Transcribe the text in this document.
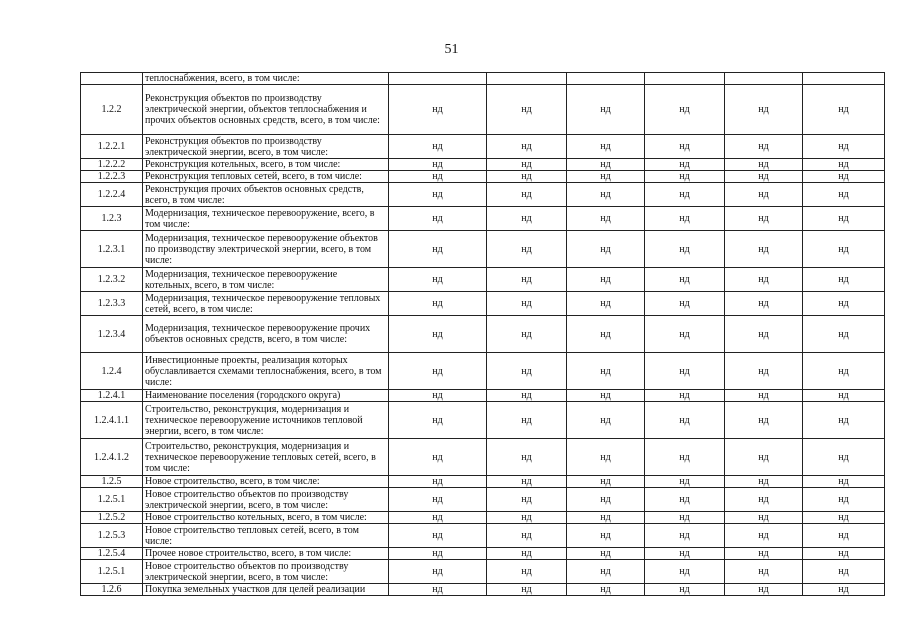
51
	теплоснабжения, всего, в том числе:						
1.2.2	Реконструкция объектов по производству электрической энергии, объектов теплоснабжения и прочих объектов основных средств, всего, в том числе:	нд	нд	нд	нд	нд	нд
1.2.2.1	Реконструкция объектов по производству электрической энергии, всего, в том числе:	нд	нд	нд	нд	нд	нд
1.2.2.2	Реконструкция котельных, всего, в том числе:	нд	нд	нд	нд	нд	нд
1.2.2.3	Реконструкция тепловых сетей, всего, в том числе:	нд	нд	нд	нд	нд	нд
1.2.2.4	Реконструкция прочих объектов основных средств, всего, в том числе:	нд	нд	нд	нд	нд	нд
1.2.3	Модернизация, техническое перевооружение, всего, в том числе:	нд	нд	нд	нд	нд	нд
1.2.3.1	Модернизация, техническое перевооружение объектов по производству электрической энергии, всего, в том числе:	нд	нд	нд	нд	нд	нд
1.2.3.2	Модернизация, техническое перевооружение котельных, всего, в том числе:	нд	нд	нд	нд	нд	нд
1.2.3.3	Модернизация, техническое перевооружение тепловых сетей, всего, в том числе:	нд	нд	нд	нд	нд	нд
1.2.3.4	Модернизация, техническое перевооружение прочих объектов основных средств, всего, в том числе:	нд	нд	нд	нд	нд	нд
1.2.4	Инвестиционные проекты, реализация которых обуславливается схемами теплоснабжения, всего, в том числе:	нд	нд	нд	нд	нд	нд
1.2.4.1	Наименование поселения (городского округа)	нд	нд	нд	нд	нд	нд
1.2.4.1.1	Строительство, реконструкция, модернизация и техническое перевооружение источников тепловой энергии, всего, в том числе:	нд	нд	нд	нд	нд	нд
1.2.4.1.2	Строительство, реконструкция, модернизация и техническое перевооружение тепловых сетей, всего, в том числе:	нд	нд	нд	нд	нд	нд
1.2.5	Новое строительство, всего, в том числе:	нд	нд	нд	нд	нд	нд
1.2.5.1	Новое строительство объектов по производству электрической энергии, всего, в том числе:	нд	нд	нд	нд	нд	нд
1.2.5.2	Новое строительство котельных, всего, в том числе:	нд	нд	нд	нд	нд	нд
1.2.5.3	Новое строительство тепловых сетей, всего, в том числе:	нд	нд	нд	нд	нд	нд
1.2.5.4	Прочее новое строительство, всего, в том числе:	нд	нд	нд	нд	нд	нд
1.2.5.1	Новое строительство объектов по производству электрической энергии, всего, в том числе:	нд	нд	нд	нд	нд	нд
1.2.6	Покупка земельных участков для целей реализации	нд	нд	нд	нд	нд	нд
